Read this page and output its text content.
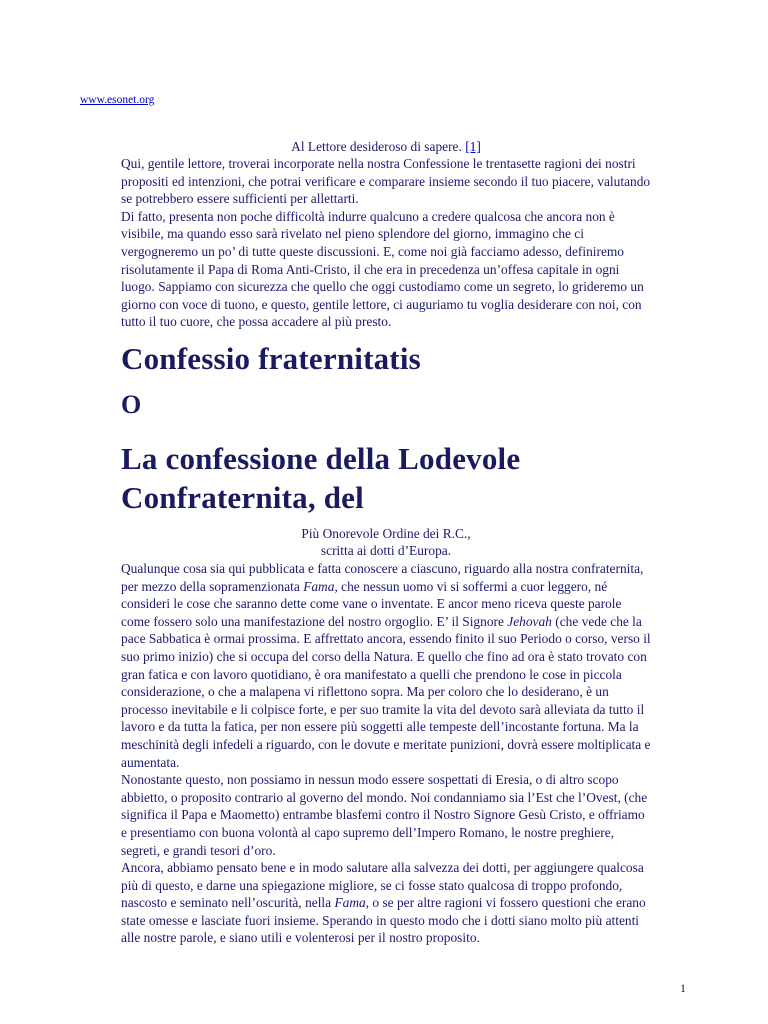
www.esonet.org
Al Lettore desideroso di sapere. [1]

Qui, gentile lettore, troverai incorporate nella nostra Confessione le trentasette ragioni dei nostri propositi ed intenzioni, che potrai verificare e comparare insieme secondo il tuo piacere, valutando se potrebbero essere sufficienti per allettarti.

Di fatto, presenta non poche difficoltà indurre qualcuno a credere qualcosa che ancora non è visibile, ma quando esso sarà rivelato nel pieno splendore del giorno, immagino che ci vergogneremo un po’ di tutte queste discussioni. E, come noi già facciamo adesso, definiremo risolutamente il Papa di Roma Anti-Cristo, il che era in precedenza un’offesa capitale in ogni luogo. Sappiamo con sicurezza che quello che oggi custodiamo come un segreto, lo grideremo un giorno con voce di tuono, e questo, gentile lettore, ci auguriamo tu voglia desiderare con noi, con tutto il tuo cuore, che possa accadere al più presto.

Confessio fraternitatis
O
La confessione della Lodevole
Confraternita, del
Più Onorevole Ordine dei R.C.,
scritta ai dotti d’Europa.

Qualunque cosa sia qui pubblicata e fatta conoscere a ciascuno, riguardo alla nostra confraternita, per mezzo della sopramenzionata Fama, che nessun uomo vi si soffermi a cuor leggero, né consideri le cose che saranno dette come vane o inventate. E ancor meno riceva queste parole come fossero solo una manifestazione del nostro orgoglio. E’ il Signore Jehovah (che vede che la pace Sabbatica è ormai prossima. E affrettato ancora, essendo finito il suo Periodo o corso, verso il suo primo inizio) che si occupa del corso della Natura. E quello che fino ad ora è stato trovato con gran fatica e con lavoro quotidiano, è ora manifestato a quelli che prendono le cose in piccola considerazione, o che a malapena vi riflettono sopra. Ma per coloro che lo desiderano, è un processo inevitabile e li colpisce forte, e per suo tramite la vita del devoto sarà alleviata da tutto il lavoro e da tutta la fatica, per non essere più soggetti alle tempeste dell’incostante fortuna. Ma la meschinità degli infedeli a riguardo, con le dovute e meritate punizioni, dovrà essere moltiplicata e aumentata.

Nonostante questo, non possiamo in nessun modo essere sospettati di Eresia, o di altro scopo abbietto, o proposito contrario al governo del mondo. Noi condanniamo sia l’Est che l’Ovest, (che significa il Papa e Maometto) entrambe blasfemi contro il Nostro Signore Gesù Cristo, e offriamo e presentiamo con buona volontà al capo supremo dell’Impero Romano, le nostre preghiere, segreti, e grandi tesori d’oro.

Ancora, abbiamo pensato bene e in modo salutare alla salvezza dei dotti, per aggiungere qualcosa più di questo, e darne una spiegazione migliore, se ci fosse stato qualcosa di troppo profondo, nascosto e seminato nell’oscurità, nella Fama, o se per altre ragioni vi fossero questioni che erano state omesse e lasciate fuori insieme. Sperando in questo modo che i dotti siano molto più attenti alle nostre parole, e siano utili e volenterosi per il nostro proposito.

1
